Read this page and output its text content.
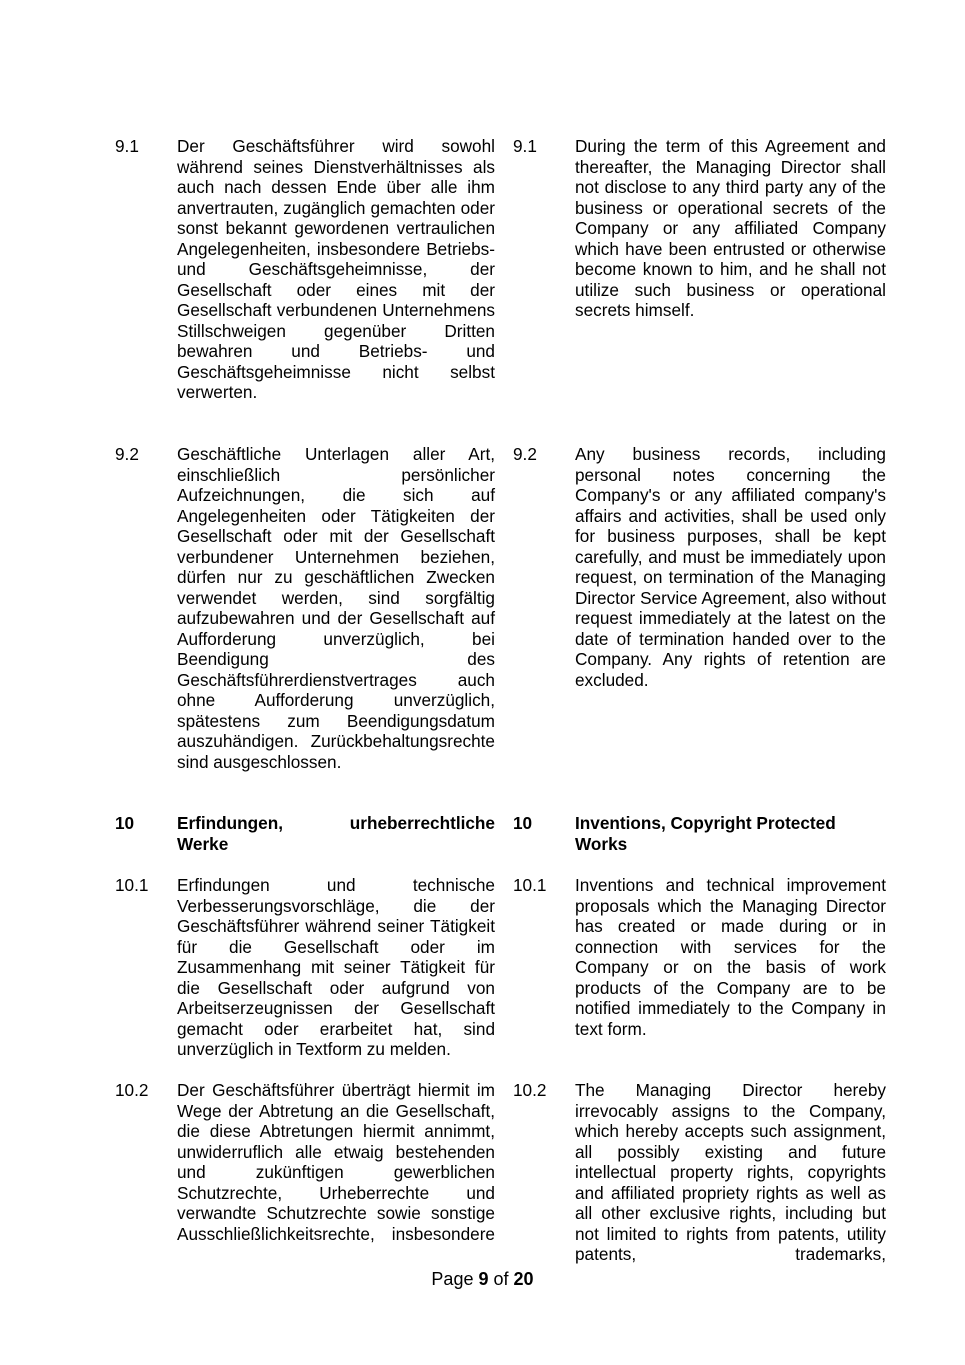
9.1 Der Geschäftsführer wird sowohl während seines Dienstverhältnisses als auch nach dessen Ende über alle ihm anvertrauten, zugänglich gemachten oder sonst bekannt gewordenen vertraulichen Angelegenheiten, insbesondere Betriebs- und Geschäftsgeheimnisse, der Gesellschaft oder eines mit der Gesellschaft verbundenen Unternehmens Stillschweigen gegenüber Dritten bewahren und Betriebs- und Geschäftsgeheimnisse nicht selbst verwerten.
9.1 During the term of this Agreement and thereafter, the Managing Director shall not disclose to any third party any of the business or operational secrets of the Company or any affiliated Company which have been entrusted or otherwise become known to him, and he shall not utilize such business or operational secrets himself.
9.2 Geschäftliche Unterlagen aller Art, einschließlich persönlicher Aufzeichnungen, die sich auf Angelegenheiten oder Tätigkeiten der Gesellschaft oder mit der Gesellschaft verbundener Unternehmen beziehen, dürfen nur zu geschäftlichen Zwecken verwendet werden, sind sorgfältig aufzubewahren und der Gesellschaft auf Aufforderung unverzüglich, bei Beendigung des Geschäftsführerdienstvertrages auch ohne Aufforderung unverzüglich, spätestens zum Beendigungsdatum auszuhändigen. Zurückbehaltungsrechte sind ausgeschlossen.
9.2 Any business records, including personal notes concerning the Company's or any affiliated company's affairs and activities, shall be used only for business purposes, shall be kept carefully, and must be immediately upon request, on termination of the Managing Director Service Agreement, also without request immediately at the latest on the date of termination handed over to the Company. Any rights of retention are excluded.
10 Erfindungen, urheberrechtliche
Werke
10 Inventions, Copyright Protected
Works
10.1 Erfindungen und technische Verbesserungsvorschläge, die der Geschäftsführer während seiner Tätigkeit für die Gesellschaft oder im Zusammenhang mit seiner Tätigkeit für die Gesellschaft oder aufgrund von Arbeitserzeugnissen der Gesellschaft gemacht oder erarbeitet hat, sind unverzüglich in Textform zu melden.
10.1 Inventions and technical improvement proposals which the Managing Director has created or made during or in connection with services for the Company or on the basis of work products of the Company are to be notified immediately to the Company in text form.
10.2 Der Geschäftsführer überträgt hiermit im Wege der Abtretung an die Gesellschaft, die diese Abtretungen hiermit annimmt, unwiderruflich alle etwaig bestehenden und zukünftigen gewerblichen Schutzrechte, Urheberrechte und verwandte Schutzrechte sowie sonstige Ausschließlichkeitsrechte, insbesondere
10.2 The Managing Director hereby irrevocably assigns to the Company, which hereby accepts such assignment, all possibly existing and future intellectual property rights, copyrights and affiliated propriety rights as well as all other exclusive rights, including but not limited to rights from patents, utility patents, trademarks,
Page 9 of 20
